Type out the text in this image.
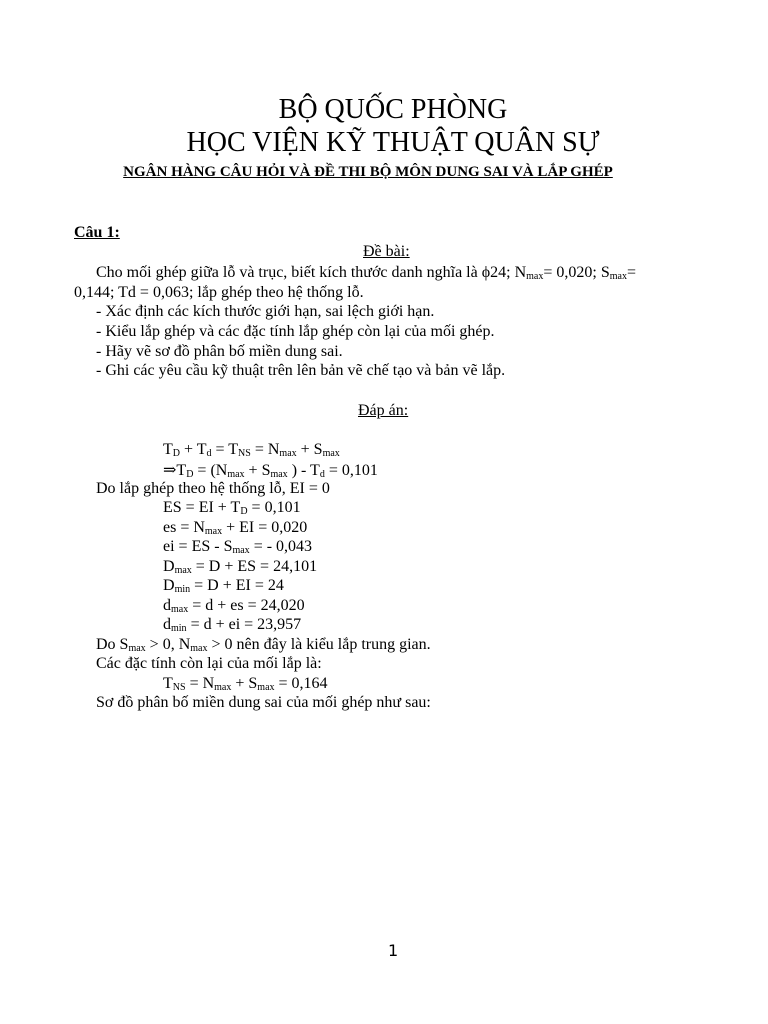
BỘ QUỐC PHÒNG
HỌC VIỆN KỸ THUẬT QUÂN SỰ
NGÂN HÀNG CÂU HỎI VÀ ĐỀ THI BỘ MÔN DUNG SAI VÀ LẮP GHÉP
Câu 1:
Đề bài:
Cho mối ghép giữa lỗ và trục, biết kích thước danh nghĩa là ϕ24; $N_{max}= 0,020$; $S_{max}=$
0,144; Td = 0,063; lắp ghép theo hệ thống lỗ.
- Xác định các kích thước giới hạn, sai lệch giới hạn.
- Kiểu lắp ghép và các đặc tính lắp ghép còn lại của mối ghép.
- Hãy vẽ sơ đồ phân bố miền dung sai.
- Ghi các yêu cầu kỹ thuật trên lên bản vẽ chế tạo và bản vẽ lắp.
Đáp án:
$T_D + T_d = T_{NS} = N_{max} + S_{max}$
$\Rightarrow T_D = (N_{max} + S_{max}$ ) - $T_d = 0,101$
Do lắp ghép theo hệ thống lỗ, EI = 0
ES = EI + $T_D = 0,101$
es = $N_{max}$ + EI = 0,020
ei = ES - $S_{max}$ = - 0,043
$D_{max} = D$ + ES = 24,101
$D_{min} = D$ + EI = 24
$d_{max} = d$ + es = 24,020
$d_{min} = d$ + ei = 23,957
Do $S_{max} > 0$, $N_{max} > 0$ nên đây là kiểu lắp trung gian.
Các đặc tính còn lại của mối lắp là:
$T_{NS} = N_{max} + S_{max} = 0,164$
Sơ đồ phân bố miền dung sai của mối ghép như sau:
1
